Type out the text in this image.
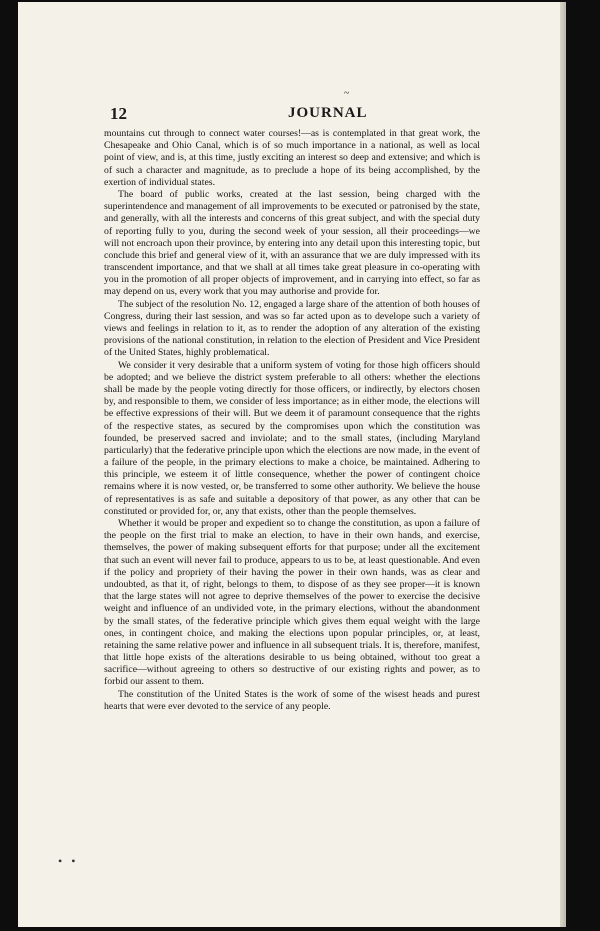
~
12	JOURNAL

mountains cut through to connect water courses!—as is contemplated in that great work, the Chesapeake and Ohio Canal, which is of so much importance in a national, as well as local point of view, and is, at this time, justly exciting an interest so deep and extensive; and which is of such a character and magnitude, as to preclude a hope of its being accomplished, by the exertion of individual states.

The board of public works, created at the last session, being charged with the superintendence and management of all improvements to be executed or patronised by the state, and generally, with all the interests and concerns of this great subject, and with the special duty of reporting fully to you, during the second week of your session, all their proceedings—we will not encroach upon their province, by entering into any detail upon this interesting topic, but conclude this brief and general view of it, with an assurance that we are duly impressed with its transcendent importance, and that we shall at all times take great pleasure in co-operating with you in the promotion of all proper objects of improvement, and in carrying into effect, so far as may depend on us, every work that you may authorise and provide for.

The subject of the resolution No. 12, engaged a large share of the attention of both houses of Congress, during their last session, and was so far acted upon as to develope such a variety of views and feelings in relation to it, as to render the adoption of any alteration of the existing provisions of the national constitution, in relation to the election of President and Vice President of the United States, highly problematical.

We consider it very desirable that a uniform system of voting for those high officers should be adopted; and we believe the district system preferable to all others: whether the elections shall be made by the people voting directly for those officers, or indirectly, by electors chosen by, and responsible to them, we consider of less importance; as in either mode, the elections will be effective expressions of their will. But we deem it of paramount consequence that the rights of the respective states, as secured by the compromises upon which the constitution was founded, be preserved sacred and inviolate; and to the small states, (including Maryland particularly) that the federative principle upon which the elections are now made, in the event of a failure of the people, in the primary elections to make a choice, be maintained. Adhering to this principle, we esteem it of little consequence, whether the power of contingent choice remains where it is now vested, or, be transferred to some other authority. We believe the house of representatives is as safe and suitable a depository of that power, as any other that can be constituted or provided for, or, any that exists, other than the people themselves.

Whether it would be proper and expedient so to change the constitution, as upon a failure of the people on the first trial to make an election, to have in their own hands, and exercise, themselves, the power of making subsequent efforts for that purpose; under all the excitement that such an event will never fail to produce, appears to us to be, at least questionable. And even if the policy and propriety of their having the power in their own hands, was as clear and undoubted, as that it, of right, belongs to them, to dispose of as they see proper—it is known that the large states will not agree to deprive themselves of the power to exercise the decisive weight and influence of an undivided vote, in the primary elections, without the abandonment by the small states, of the federative principle which gives them equal weight with the large ones, in contingent choice, and making the elections upon popular principles, or, at least, retaining the same relative power and influence in all subsequent trials. It is, therefore, manifest, that little hope exists of the alterations desirable to us being obtained, without too great a sacrifice—without agreeing to others so destructive of our existing rights and power, as to forbid our assent to them.

The constitution of the United States is the work of some of the wisest heads and purest hearts that were ever devoted to the service of any people.

• •
